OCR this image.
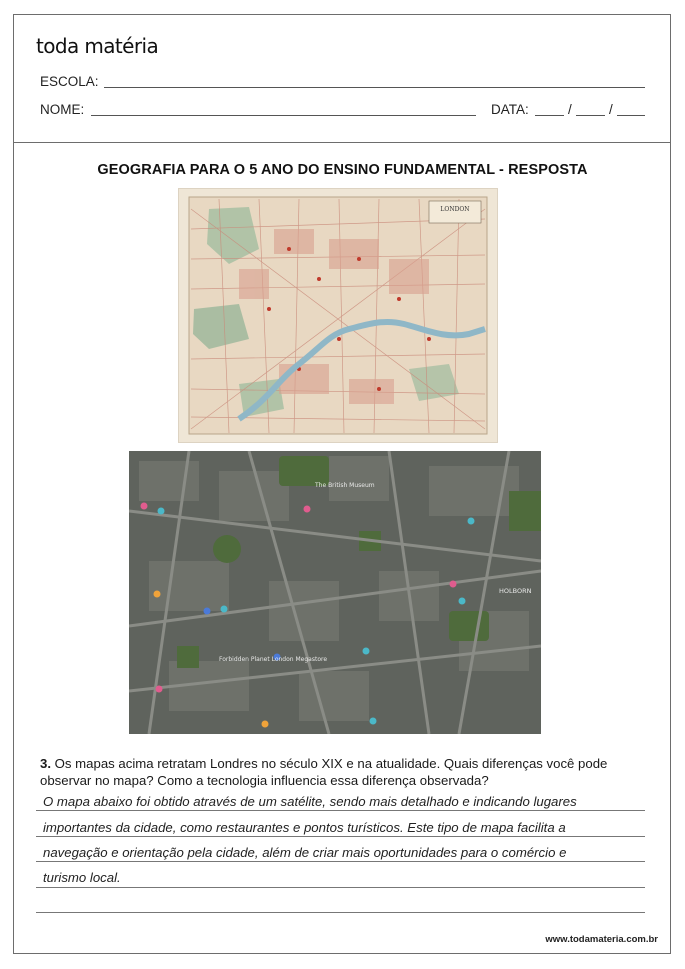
toda matéria
ESCOLA:
NOME:	DATA:	/	/
GEOGRAFIA PARA O 5 ANO DO ENSINO FUNDAMENTAL - RESPOSTA
LONDON
The British Museum
HOLBORN
Forbidden Planet London Megastore
3. Os mapas acima retratam Londres no século XIX e na atualidade. Quais diferenças você pode observar no mapa? Como a tecnologia influencia essa diferença observada?
O mapa abaixo foi obtido através de um satélite, sendo mais detalhado e indicando lugares
importantes da cidade, como restaurantes e pontos turísticos. Este tipo de mapa facilita a
navegação e orientação pela cidade, além de criar mais oportunidades para o comércio e
turismo local.
www.todamateria.com.br
